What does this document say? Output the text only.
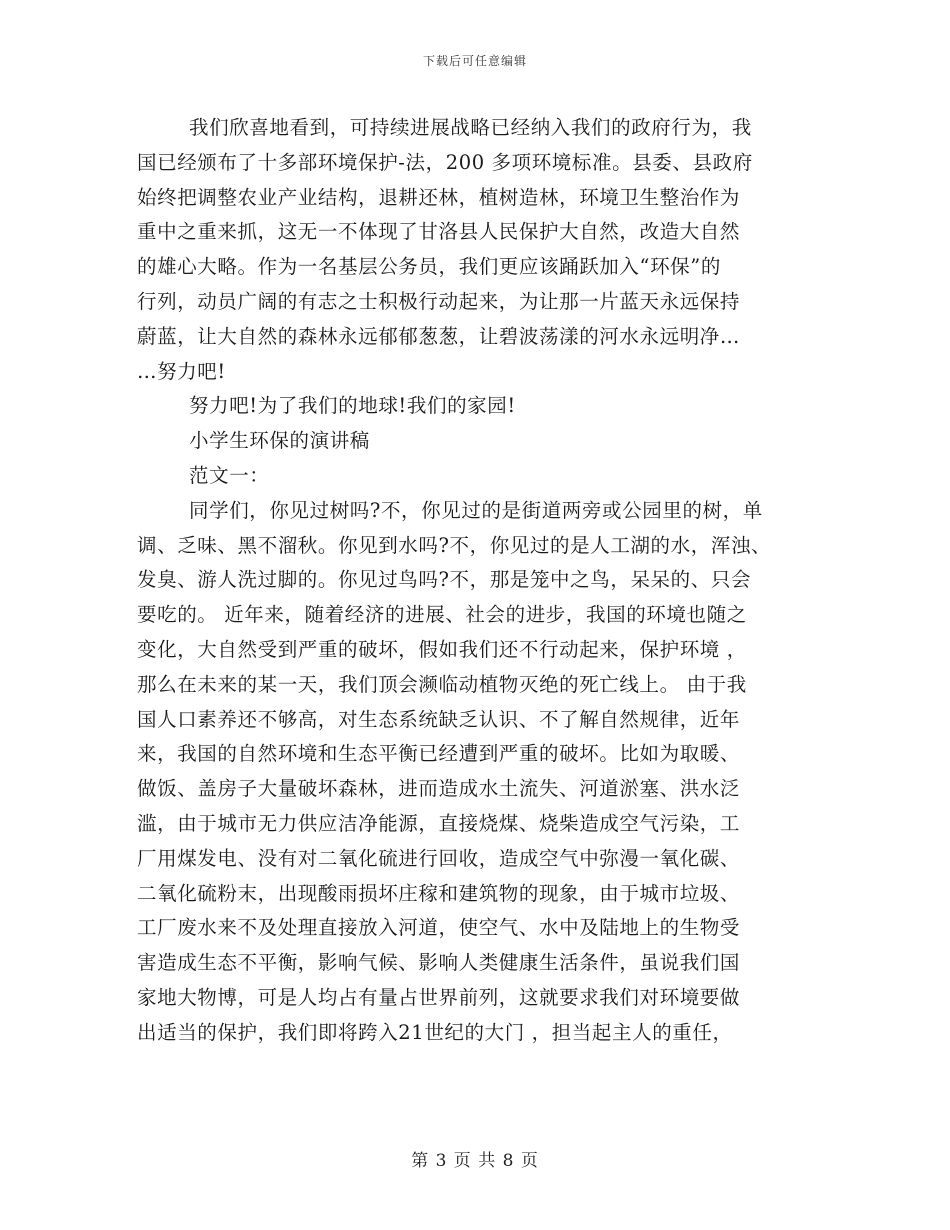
下载后可任意编辑
我们欣喜地看到，可持续进展战略已经纳入我们的政府行为，我
国已经颁布了十多部环境保护-法，200 多项环境标准。县委、县政府
始终把调整农业产业结构，退耕还林，植树造林，环境卫生整治作为
重中之重来抓，这无一不体现了甘洛县人民保护大自然，改造大自然
的雄心大略。作为一名基层公务员，我们更应该踊跃加入“环保”的
行列，动员广阔的有志之士积极行动起来，为让那一片蓝天永远保持
蔚蓝，让大自然的森林永远郁郁葱葱，让碧波荡漾的河水永远明净…
…努力吧!
努力吧!为了我们的地球!我们的家园!
小学生环保的演讲稿
范文一：
同学们，你见过树吗?不，你见过的是街道两旁或公园里的树，单
调、乏味、黑不溜秋。你见到水吗?不，你见过的是人工湖的水，浑浊、
发臭、游人洗过脚的。你见过鸟吗?不，那是笼中之鸟，呆呆的、只会
要吃的。 近年来，随着经济的进展、社会的进步，我国的环境也随之
变化，大自然受到严重的破坏，假如我们还不行动起来，保护环境 ，
那么在未来的某一天，我们顶会濒临动植物灭绝的死亡线上。 由于我
国人口素养还不够高，对生态系统缺乏认识、不了解自然规律，近年
来，我国的自然环境和生态平衡已经遭到严重的破坏。比如为取暖、
做饭、盖房子大量破坏森林，进而造成水土流失、河道淤塞、洪水泛
滥，由于城市无力供应洁净能源，直接烧煤、烧柴造成空气污染，工
厂用煤发电、没有对二氧化硫进行回收，造成空气中弥漫一氧化碳、
二氧化硫粉末，出现酸雨损坏庄稼和建筑物的现象，由于城市垃圾、
工厂废水来不及处理直接放入河道，使空气、水中及陆地上的生物受
害造成生态不平衡，影响气候、影响人类健康生活条件，虽说我们国
家地大物博，可是人均占有量占世界前列，这就要求我们对环境要做
出适当的保护，我们即将跨入21世纪的大门 ，担当起主人的重任，
第 3 页 共 8 页
